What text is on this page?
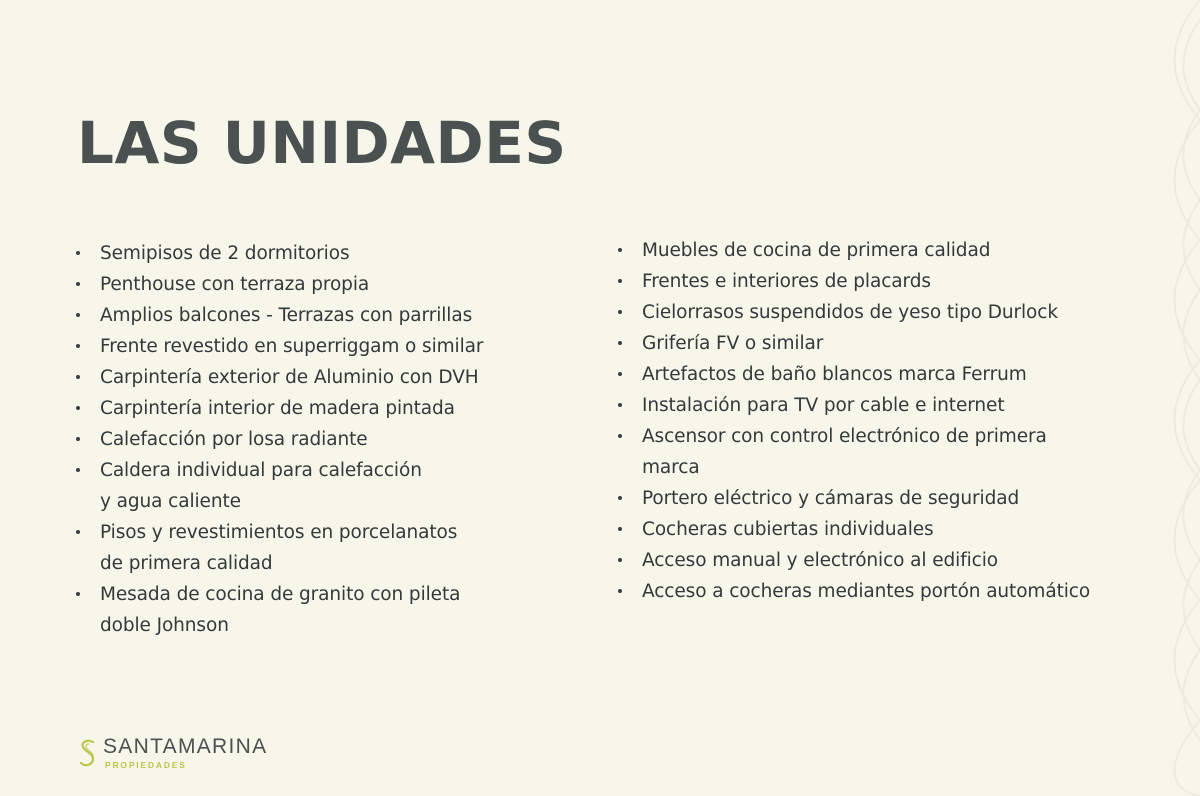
LAS UNIDADES
Semipisos de 2 dormitorios
Penthouse con terraza propia
Amplios balcones - Terrazas con parrillas
Frente revestido en superriggam o similar
Carpintería exterior de Aluminio con DVH
Carpintería interior de madera pintada
Calefacción por losa radiante
Caldera individual para calefacción
y agua caliente
Pisos y revestimientos en porcelanatos
de primera calidad
Mesada de cocina de granito con pileta
doble Johnson
Muebles de cocina de primera calidad
Frentes e interiores de placards
Cielorrasos suspendidos de yeso tipo Durlock
Grifería FV o similar
Artefactos de baño blancos marca Ferrum
Instalación para TV por cable e internet
Ascensor con control electrónico de primera
marca
Portero eléctrico y cámaras de seguridad
Cocheras cubiertas individuales
Acceso manual y electrónico al edificio
Acceso a cocheras mediantes portón automático
SANTAMARINA
PROPIEDADES
